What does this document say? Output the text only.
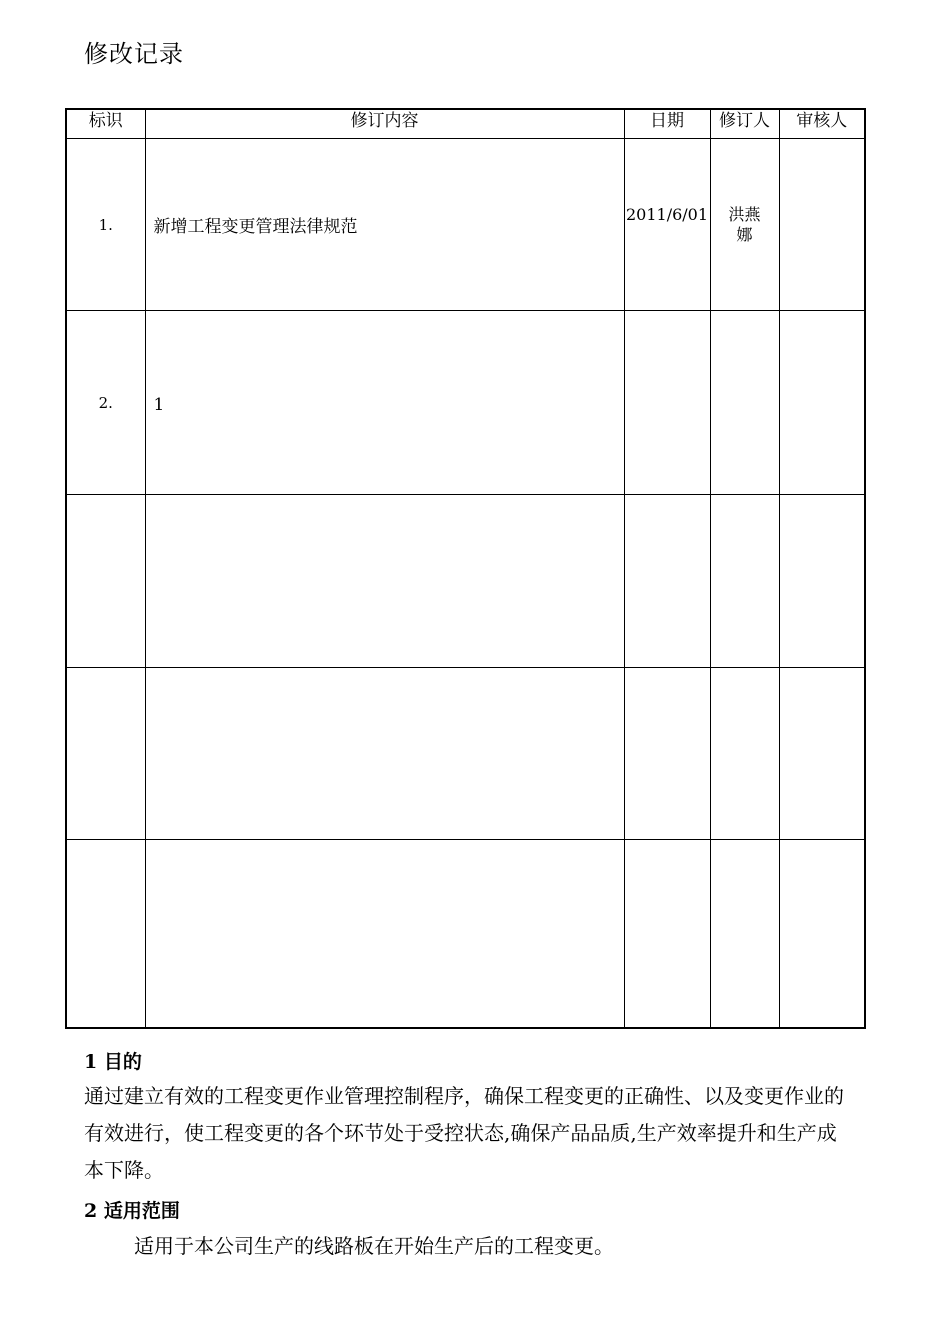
修改记录
标识	修订内容	日期	修订人	审核人
1.	新增工程变更管理法律规范	2011/6/01	洪燕娜	

2.	1			

1 目的
通过建立有效的工程变更作业管理控制程序，确保工程变更的正确性、以及变更作业的有效进行，使工程变更的各个环节处于受控状态,确保产品品质,生产效率提升和生产成本下降。
2 适用范围
适用于本公司生产的线路板在开始生产后的工程变更。
